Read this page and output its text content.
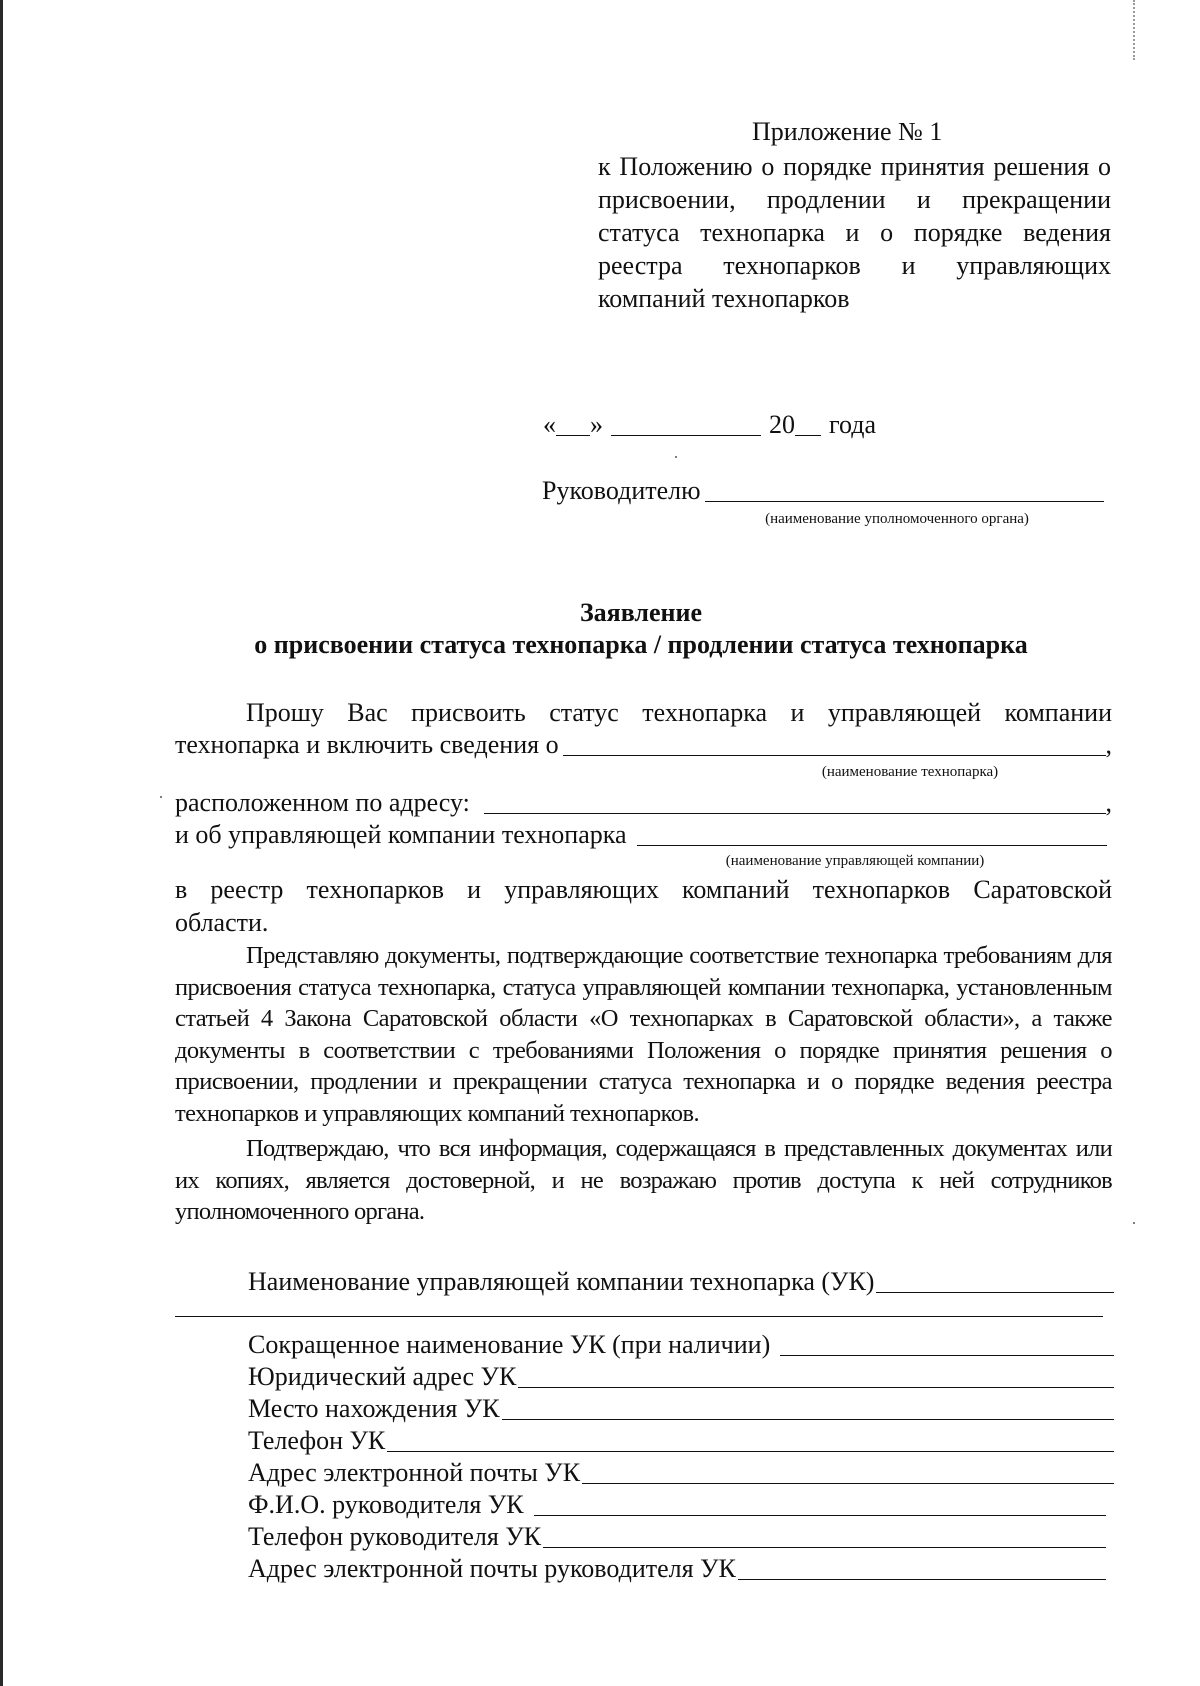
Приложение № 1
к Положению о порядке принятия решения о присвоении, продлении и прекращении статуса технопарка и о порядке ведения реестра технопарков и управляющих компаний технопарков
« »	20 года
Руководителю
(наименование уполномоченного органа)
Заявление
о присвоении статуса технопарка / продлении статуса технопарка
Прошу Вас присвоить статус технопарка и управляющей компании
технопарка и включить сведения о	,
(наименование технопарка)
расположенном по адресу:	,
и об управляющей компании технопарка
(наименование управляющей компании)
в реестр технопарков и управляющих компаний технопарков Саратовской
области.
Представляю документы, подтверждающие соответствие технопарка требованиям для присвоения статуса технопарка, статуса управляющей компании технопарка, установленным статьей 4 Закона Саратовской области «О технопарках в Саратовской области», а также документы в соответствии с требованиями Положения о порядке принятия решения о присвоении, продлении и прекращении статуса технопарка и о порядке ведения реестра технопарков и управляющих компаний технопарков.
Подтверждаю, что вся информация, содержащаяся в представленных документах или их копиях, является достоверной, и не возражаю против доступа к ней сотрудников уполномоченного органа.
Наименование управляющей компании технопарка (УК)
Сокращенное наименование УК (при наличии)
Юридический адрес УК
Место нахождения УК
Телефон УК
Адрес электронной почты УК
Ф.И.О. руководителя УК
Телефон руководителя УК
Адрес электронной почты руководителя УК
